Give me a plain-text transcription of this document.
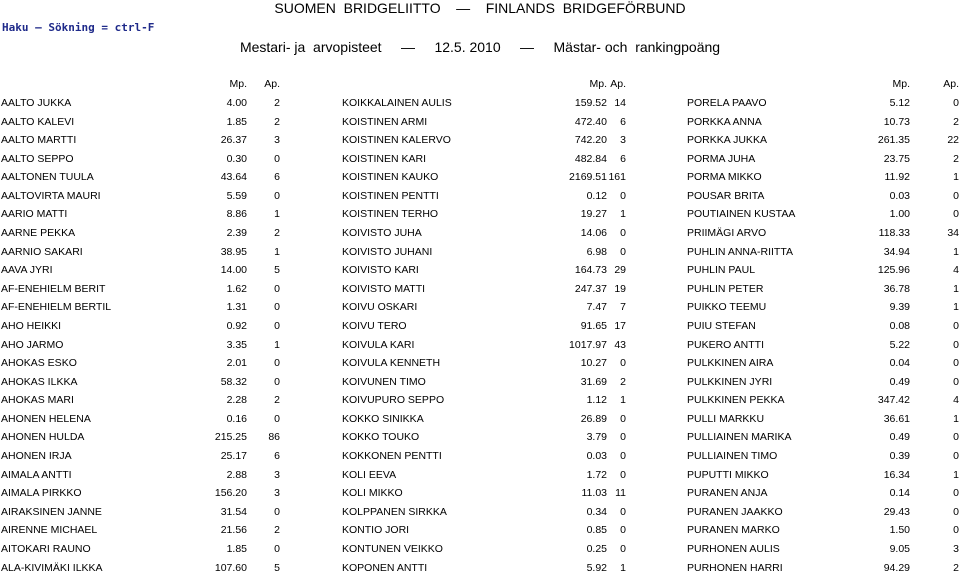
SUOMEN  BRIDGELIITTO    —    FINLANDS  BRIDGEFÖRBUND
Haku — Sökning = ctrl-F
Mestari- ja  arvopisteet     —     12.5. 2010     —     Mästar- och  rankingpoäng
Mp. Ap.	Mp. Ap.	Mp.	Ap.
AALTO JUKKA	4.00	2	KOIKKALAINEN AULIS	159.52 14	PORELA PAAVO	5.12	0
AALTO KALEVI	1.85	2	KOISTINEN ARMI	472.40 6	PORKKA ANNA	10.73	2
AALTO MARTTI	26.37	3	KOISTINEN KALERVO	742.20 3	PORKKA JUKKA	261.35	22
AALTO SEPPO	0.30	0	KOISTINEN KARI	482.84 6	PORMA JUHA	23.75	2
AALTONEN TUULA	43.64	6	KOISTINEN KAUKO	2169.51 161	PORMA MIKKO	11.92	1
AALTOVIRTA MAURI	5.59	0	KOISTINEN PENTTI	0.12 0	POUSAR BRITA	0.03	0
AARIO MATTI	8.86	1	KOISTINEN TERHO	19.27 1	POUTIAINEN KUSTAA	1.00	0
AARNE PEKKA	2.39	2	KOIVISTO JUHA	14.06 0	PRIIMÄGI ARVO	118.33	34
AARNIO SAKARI	38.95	1	KOIVISTO JUHANI	6.98 0	PUHLIN ANNA-RIITTA	34.94	1
AAVA JYRI	14.00	5	KOIVISTO KARI	164.73 29	PUHLIN PAUL	125.96	4
AF-ENEHIELM BERIT	1.62	0	KOIVISTO MATTI	247.37 19	PUHLIN PETER	36.78	1
AF-ENEHIELM BERTIL	1.31	0	KOIVU OSKARI	7.47 7	PUIKKO TEEMU	9.39	1
AHO HEIKKI	0.92	0	KOIVU TERO	91.65 17	PUIU STEFAN	0.08	0
AHO JARMO	3.35	1	KOIVULA KARI	1017.97 43	PUKERO ANTTI	5.22	0
AHOKAS ESKO	2.01	0	KOIVULA KENNETH	10.27 0	PULKKINEN AIRA	0.04	0
AHOKAS ILKKA	58.32	0	KOIVUNEN TIMO	31.69 2	PULKKINEN JYRI	0.49	0
AHOKAS MARI	2.28	2	KOIVUPURO SEPPO	1.12 1	PULKKINEN PEKKA	347.42	4
AHONEN HELENA	0.16	0	KOKKO SINIKKA	26.89 0	PULLI MARKKU	36.61	1
AHONEN HULDA	215.25 86	KOKKO TOUKO	3.79 0	PULLIAINEN MARIKA	0.49	0
AHONEN IRJA	25.17	6	KOKKONEN PENTTI	0.03 0	PULLIAINEN TIMO	0.39	0
AIMALA ANTTI	2.88	3	KOLI EEVA	1.72 0	PUPUTTI MIKKO	16.34	1
AIMALA PIRKKO	156.20	3	KOLI MIKKO	11.03 11	PURANEN ANJA	0.14	0
AIRAKSINEN JANNE	31.54	0	KOLPPANEN SIRKKA	0.34 0	PURANEN JAAKKO	29.43	0
AIRENNE MICHAEL	21.56	2	KONTIO JORI	0.85 0	PURANEN MARKO	1.50	0
AITOKARI RAUNO	1.85	0	KONTUNEN VEIKKO	0.25 0	PURHONEN AULIS	9.05	3
ALA-KIVIMÄKI ILKKA	107.60	5	KOPONEN ANTTI	5.92 1	PURHONEN HARRI	94.29	2
